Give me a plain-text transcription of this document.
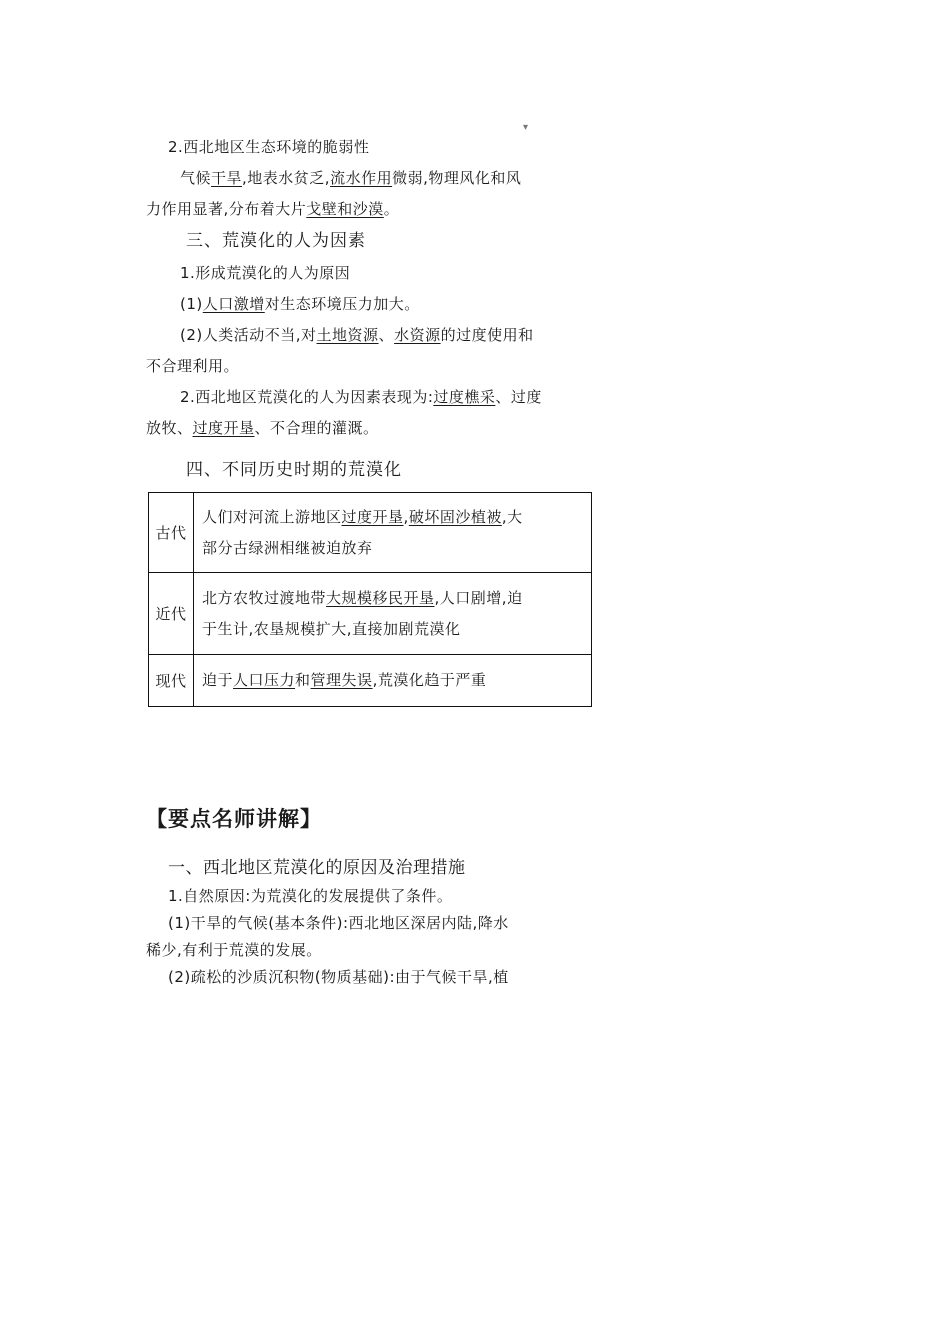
▾
2.西北地区生态环境的脆弱性
气候干旱,地表水贫乏,流水作用微弱,物理风化和风
力作用显著,分布着大片戈壁和沙漠。
三、荒漠化的人为因素
1.形成荒漠化的人为原因
(1)人口激增对生态环境压力加大。
(2)人类活动不当,对土地资源、水资源的过度使用和
不合理利用。
2.西北地区荒漠化的人为因素表现为:过度樵采、过度
放牧、过度开垦、不合理的灌溉。
四、不同历史时期的荒漠化
古代	人们对河流上游地区过度开垦,破坏固沙植被,大
部分古绿洲相继被迫放弃

近代	北方农牧过渡地带大规模移民开垦,人口剧增,迫
于生计,农垦规模扩大,直接加剧荒漠化

现代	迫于人口压力和管理失误,荒漠化趋于严重
【要点名师讲解】
一、西北地区荒漠化的原因及治理措施
1.自然原因:为荒漠化的发展提供了条件。
(1)干旱的气候(基本条件):西北地区深居内陆,降水
稀少,有利于荒漠的发展。
(2)疏松的沙质沉积物(物质基础):由于气候干旱,植
